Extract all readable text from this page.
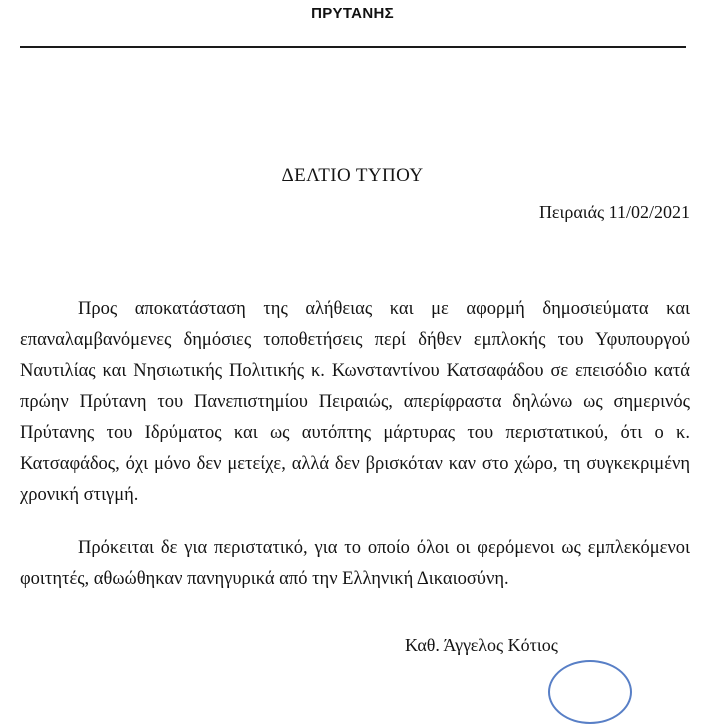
ΠΡΥΤΑΝΗΣ
ΔΕΛΤΙΟ ΤΥΠΟΥ
Πειραιάς 11/02/2021

Προς αποκατάσταση της αλήθειας και με αφορμή δημοσιεύματα και επαναλαμβανόμενες δημόσιες τοποθετήσεις περί δήθεν εμπλοκής του Υφυπουργού Ναυτιλίας και Νησιωτικής Πολιτικής κ. Κωνσταντίνου Κατσαφάδου σε επεισόδιο κατά πρώην Πρύτανη του Πανεπιστημίου Πειραιώς, απερίφραστα δηλώνω ως σημερινός Πρύτανης του Ιδρύματος και ως αυτόπτης μάρτυρας του περιστατικού, ότι ο κ. Κατσαφάδος, όχι μόνο δεν μετείχε, αλλά δεν βρισκόταν καν στο χώρο, τη συγκεκριμένη χρονική στιγμή.

Πρόκειται δε για περιστατικό, για το οποίο όλοι οι φερόμενοι ως εμπλεκόμενοι φοιτητές, αθωώθηκαν πανηγυρικά από την Ελληνική Δικαιοσύνη.

Καθ. Άγγελος Κότιος
